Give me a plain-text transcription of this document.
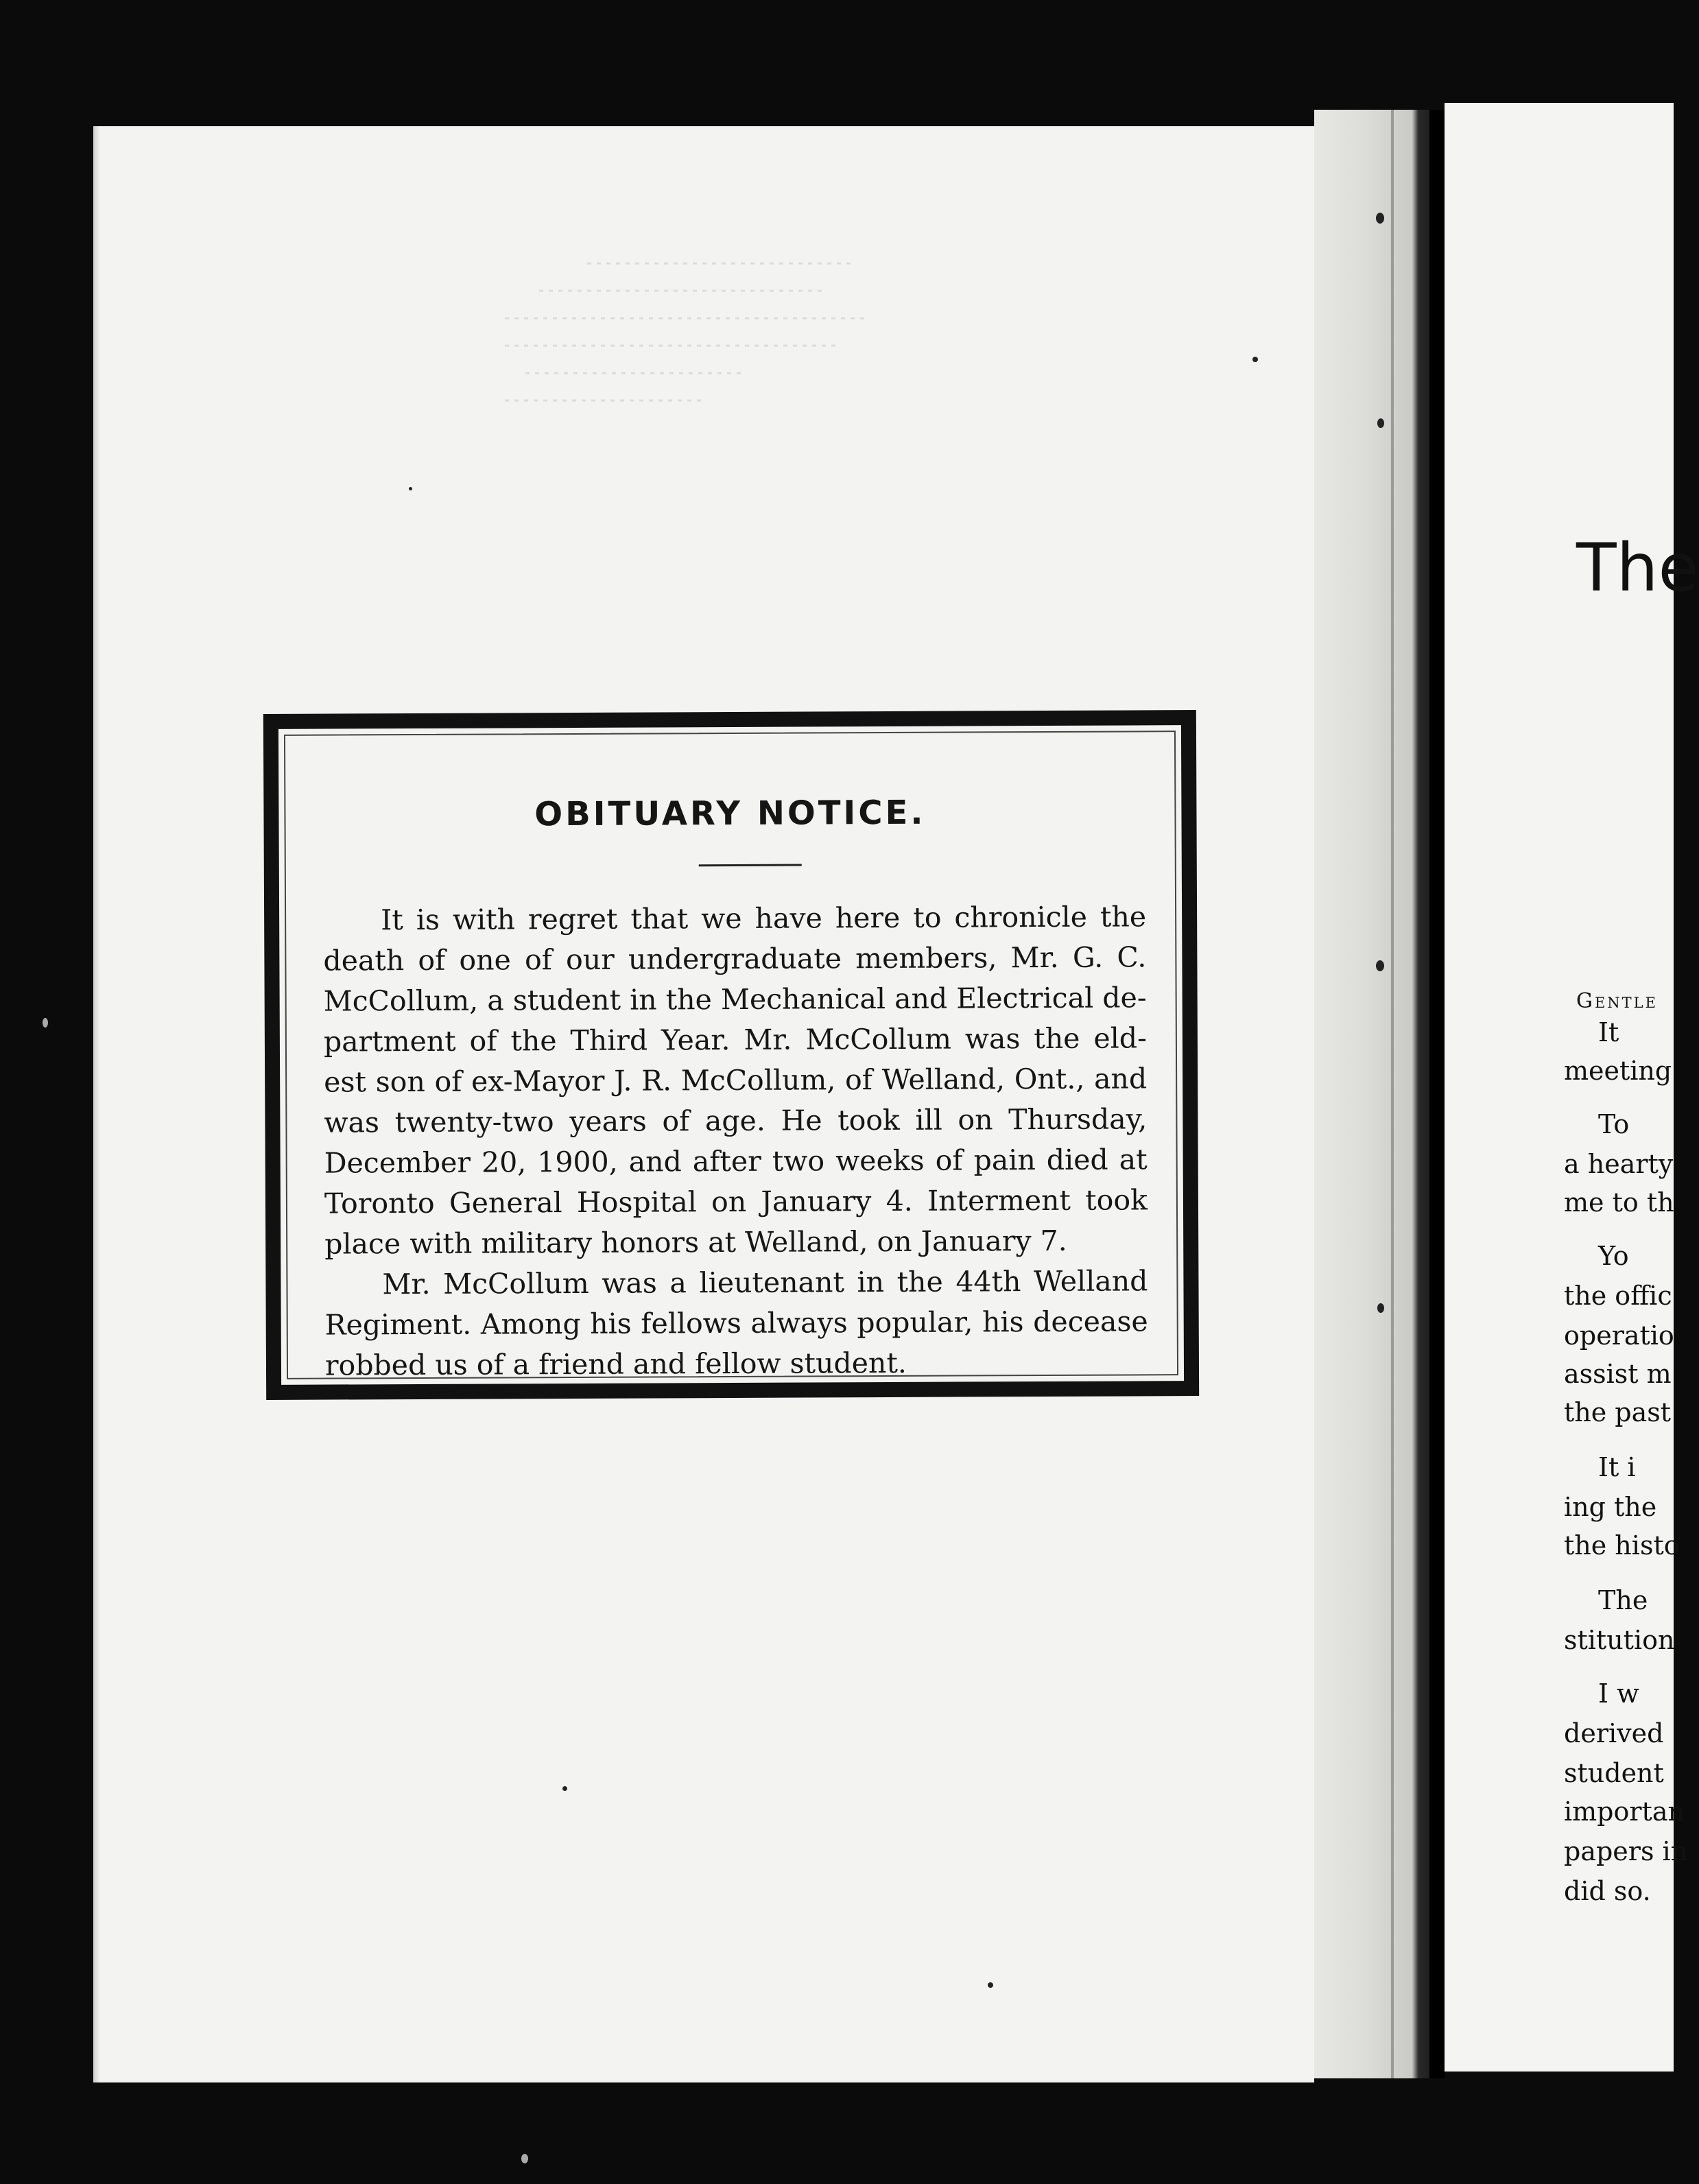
OBITUARY NOTICE.
It is with regret that we have here to chronicle the
death of one of our undergraduate members, Mr. G. C.
McCollum, a student in the Mechanical and Electrical de-
partment of the Third Year. Mr. McCollum was the eld-
est son of ex-Mayor J. R. McCollum, of Welland, Ont., and
was twenty-two years of age. He took ill on Thursday,
December 20, 1900, and after two weeks of pain died at
Toronto General Hospital on January 4. Interment took
place with military honors at Welland, on January 7.
Mr. McCollum was a lieutenant in the 44th Welland
Regiment. Among his fellows always popular, his decease
robbed us of a friend and fellow student.
The
Gentle
It
meeting
To
a hearty
me to th
Yo
the offic
operatio
assist m
the past
It i
ing the
the histo
The
stitution
I w
derived
student
importan
papers in
did so.
